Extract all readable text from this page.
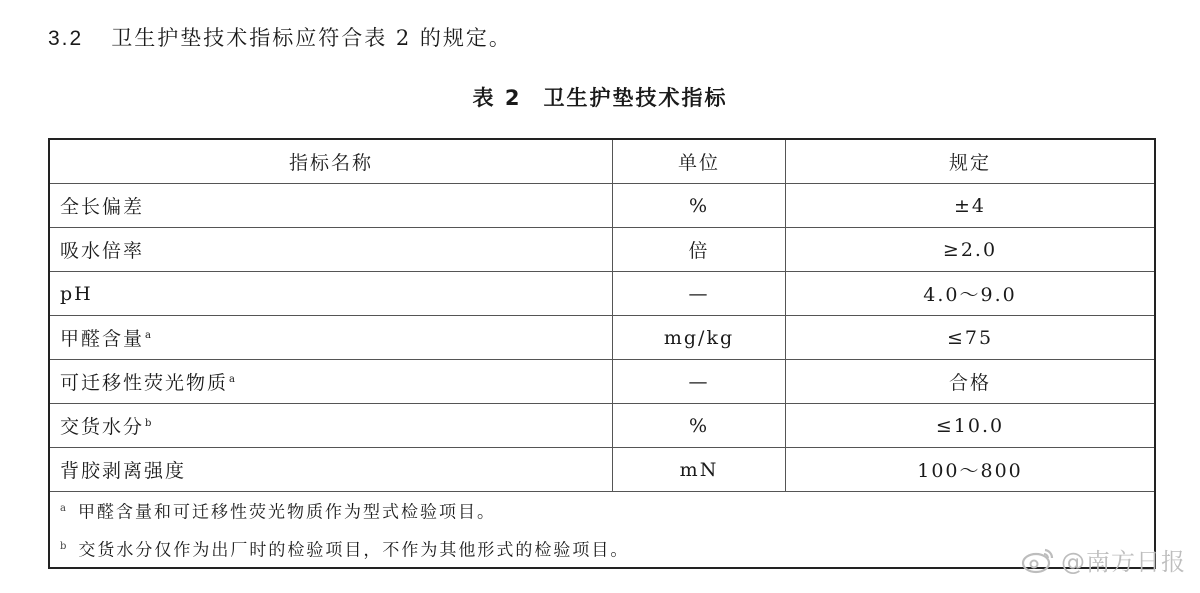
3.2 卫生护垫技术指标应符合表 2 的规定。
表 2 卫生护垫技术指标
指标名称	单位	规定
全长偏差	%	±4
吸水倍率	倍	≥2.0
pH	—	4.0～9.0
甲醛含量$^a$	mg/kg	≤75
可迁移性荧光物质$^a$	—	合格
交货水分$^b$	%	≤10.0
背胶剥离强度	mN	100～800

$^a$ 甲醛含量和可迁移性荧光物质作为型式检验项目。
$^b$ 交货水分仅作为出厂时的检验项目，不作为其他形式的检验项目。			@南方日报
